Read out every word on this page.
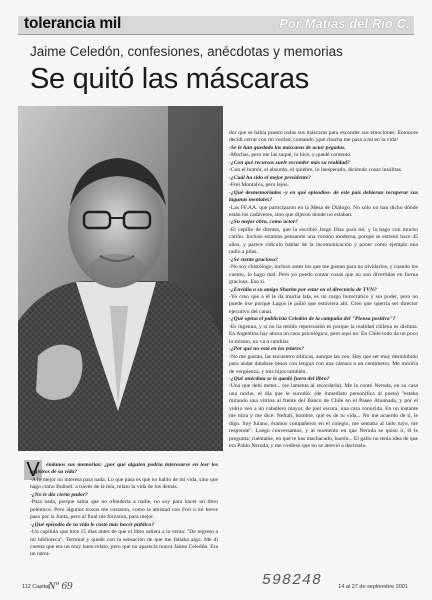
tolerancia mil	Por Matías del Río C.
Jaime Celedón, confesiones, anécdotas y memorias
Se quitó las máscaras

dor que se había puesto todas sus máscaras para esconder sus emociones. Entonces decidí cerrar con mi verdad, contando ¡qué chucha me pasa a mí en la vida!

-Se le han quedado las máscaras de actor pegadas.

-Muchas, pero me las saqué, lo hice, y quedé contento.

-¿Con qué recursos suele esconder más su realidad?

-Con el humor, el absurdo, el quiebre, lo inesperado, diciendo cosas insólitas.

-¿Cuál ha sido el mejor presidente?

-Frei Montalva, pero lejos.

-¿Qué desmemoriados -y en qué episodios- de este país debieran recuperar sus lagunas mentales?

-Las FF.AA. que participaron en la Mesa de Diálogo. No sólo no han dicho dónde están los cadáveres, sino que dijeron donde no estaban.

-¿Su mejor obra, como actor?

-El cepillo de dientes, que la escribió Jorge Díaz para mí, y la hago con mucho cariño. Incluso estamos pensando una versión moderna, porque se estrenó hace 45 años, y parece ridículo hablar de la incomunicación y poner como ejemplo una radio a pilas.

-¿Se siente gracioso?

-No soy chistólogo, incluso antes los que me gustan para no olvidarlos, y cuando los cuento, lo hago mal. Pero yo puedo contar cosas que no son divertidas en forma graciosa. Eso sí.

-¿Envidia a su amigo Sharim por estar en el directorio de TVN?

-Yo creo que a él le da mucha lata, es un cargo burocrático y sin poder, pero no puede irse porque Lagos le pidió que estuviera ahí. Creo que querría ser director ejecutivo del canal.

-¿Qué opina el publicista Celedón de la campaña del "Piensa positivo"?

-Es ingenua, y si no ha tenido repercusión es porque la realidad chilena es distinta. En Argentina hay ahora un caos psicológico, pero aquí no. En Chile todo da un poco lo mismo, no va a cambiar.

-¿Por qué no está en los telares?

-No me gustan, las encuentro sititicas, aunque las veo. Hay que ser muy desinhibido para andar dándose besos con lengua con una cámara a un centímetro. Me moriría de vergüenza, y mis hijos también.

-¿Qué anécdota se le quedó fuera del libro?

-Una que debí meter... (se lamenta al recordarla). Me la contó Neruda, en su casa una noche, el día que le sucedió: (de inmediato personifica al poeta) "estaba mirando una vitrina al frente del Banco de Chile en el Paseo Ahumada, y por el vidrio veo a un caballero mayor, de piel oscura, una cara conocida. En un instante me mira y me dice: Neftalí, hombre, qué es de tu vida... No me acuerdo de ti, le digo. Soy fulano, éramos compañeros en el colegio, me sentaba al lado tuyo, me responde". Luego conversamos, y al momento en que Neruda se quiso ir, él le pregunta: cuéntame, en qué te has machacado, hueón... El gallo no tenía idea de que era Pablo Neruda, y me confesó que no se atrevió a decírselo.

V	éndanos sus memorias: ¿por qué alguien podría interesarse en leer los registros de su vida?

-A lo mejor no interesa para nada. Lo que pasa es que no hablo de mi vida, sino que hago como Buñuel: a través de la mía, relato la vida de los demás.

-¿No le dio cierto pudor?

-Para nada, porque sabía que no ofendería a nadie, no soy para hacer un libro polémico. Pero algunos trozos me costaron, como la amistad con Frei o mi breve paso por la Junta, pero al final me forzaron, para mejor.

-¿Qué episodio de su vida le costó más hacer público?

-Un capítulo que hice 15 días antes de que el libro saliera a la venta: "De regreso a mi biblioteca". Terminé y quedé con la sensación de que me faltaba algo. Me di cuenta que era un muy buen relato, pero que no aparecía nunca Jaime Celedón. Era un narra-

112 Capital
Nº 69	598248	14 al 27 de septiembre 2001
